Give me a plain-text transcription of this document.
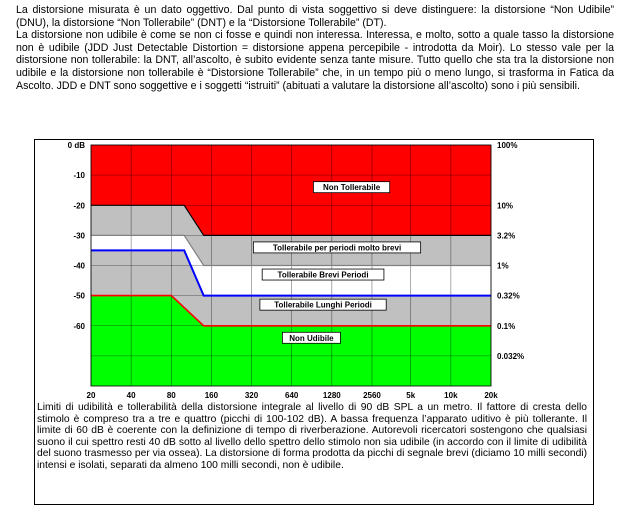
La distorsione misurata è un dato oggettivo. Dal punto di vista soggettivo si deve distinguere: la distorsione “Non Udibile” (DNU), la distorsione “Non Tollerabile” (DNT) e la “Distorsione Tollerabile” (DT).

La distorsione non udibile è come se non ci fosse e quindi non interessa. Interessa, e molto, sotto a quale tasso la distorsione non è udibile (JDD Just Detectable Distortion = distorsione appena percepibile - introdotta da Moir). Lo stesso vale per la distorsione non tollerabile: la DNT, all’ascolto, è subito evidente senza tante misure. Tutto quello che sta tra la distorsione non udibile e la distorsione non tollerabile è “Distorsione Tollerabile” che, in un tempo più o meno lungo, si trasforma in Fatica da Ascolto. JDD e DNT sono soggettive e i soggetti “istruiti” (abituati a valutare la distorsione all’ascolto) sono i più sensibili.

Non Tollerabile
Tollerabile per periodi molto brevi
Tollerabile Brevi Periodi
Tollerabile Lunghi Periodi
Non Udibile
0 dB
-10
-20
-30
-40
-50
-60
100%
10%
3.2%
1%
0.32%
0.1%
0.032%
20	40	80	160	320	640	1280	2560	5k	10k	20k
Limiti di udibilità e tollerabilità della distorsione integrale al livello di 90 dB SPL a un metro. Il fattore di cresta dello stimolo è compreso tra a tre e quattro (picchi di 100-102 dB). A bassa frequenza l’apparato uditivo è più tollerante. Il limite di 60 dB è coerente con la definizione di tempo di riverberazione. Autorevoli ricercatori sostengono che qualsiasi suono il cui spettro resti 40 dB sotto al livello dello spettro dello stimolo non sia udibile (in accordo con il limite di udibilità del suono trasmesso per via ossea). La distorsione di forma prodotta da picchi di segnale brevi (diciamo 10 milli secondi) intensi e isolati, separati da almeno 100 milli secondi, non è udibile.
